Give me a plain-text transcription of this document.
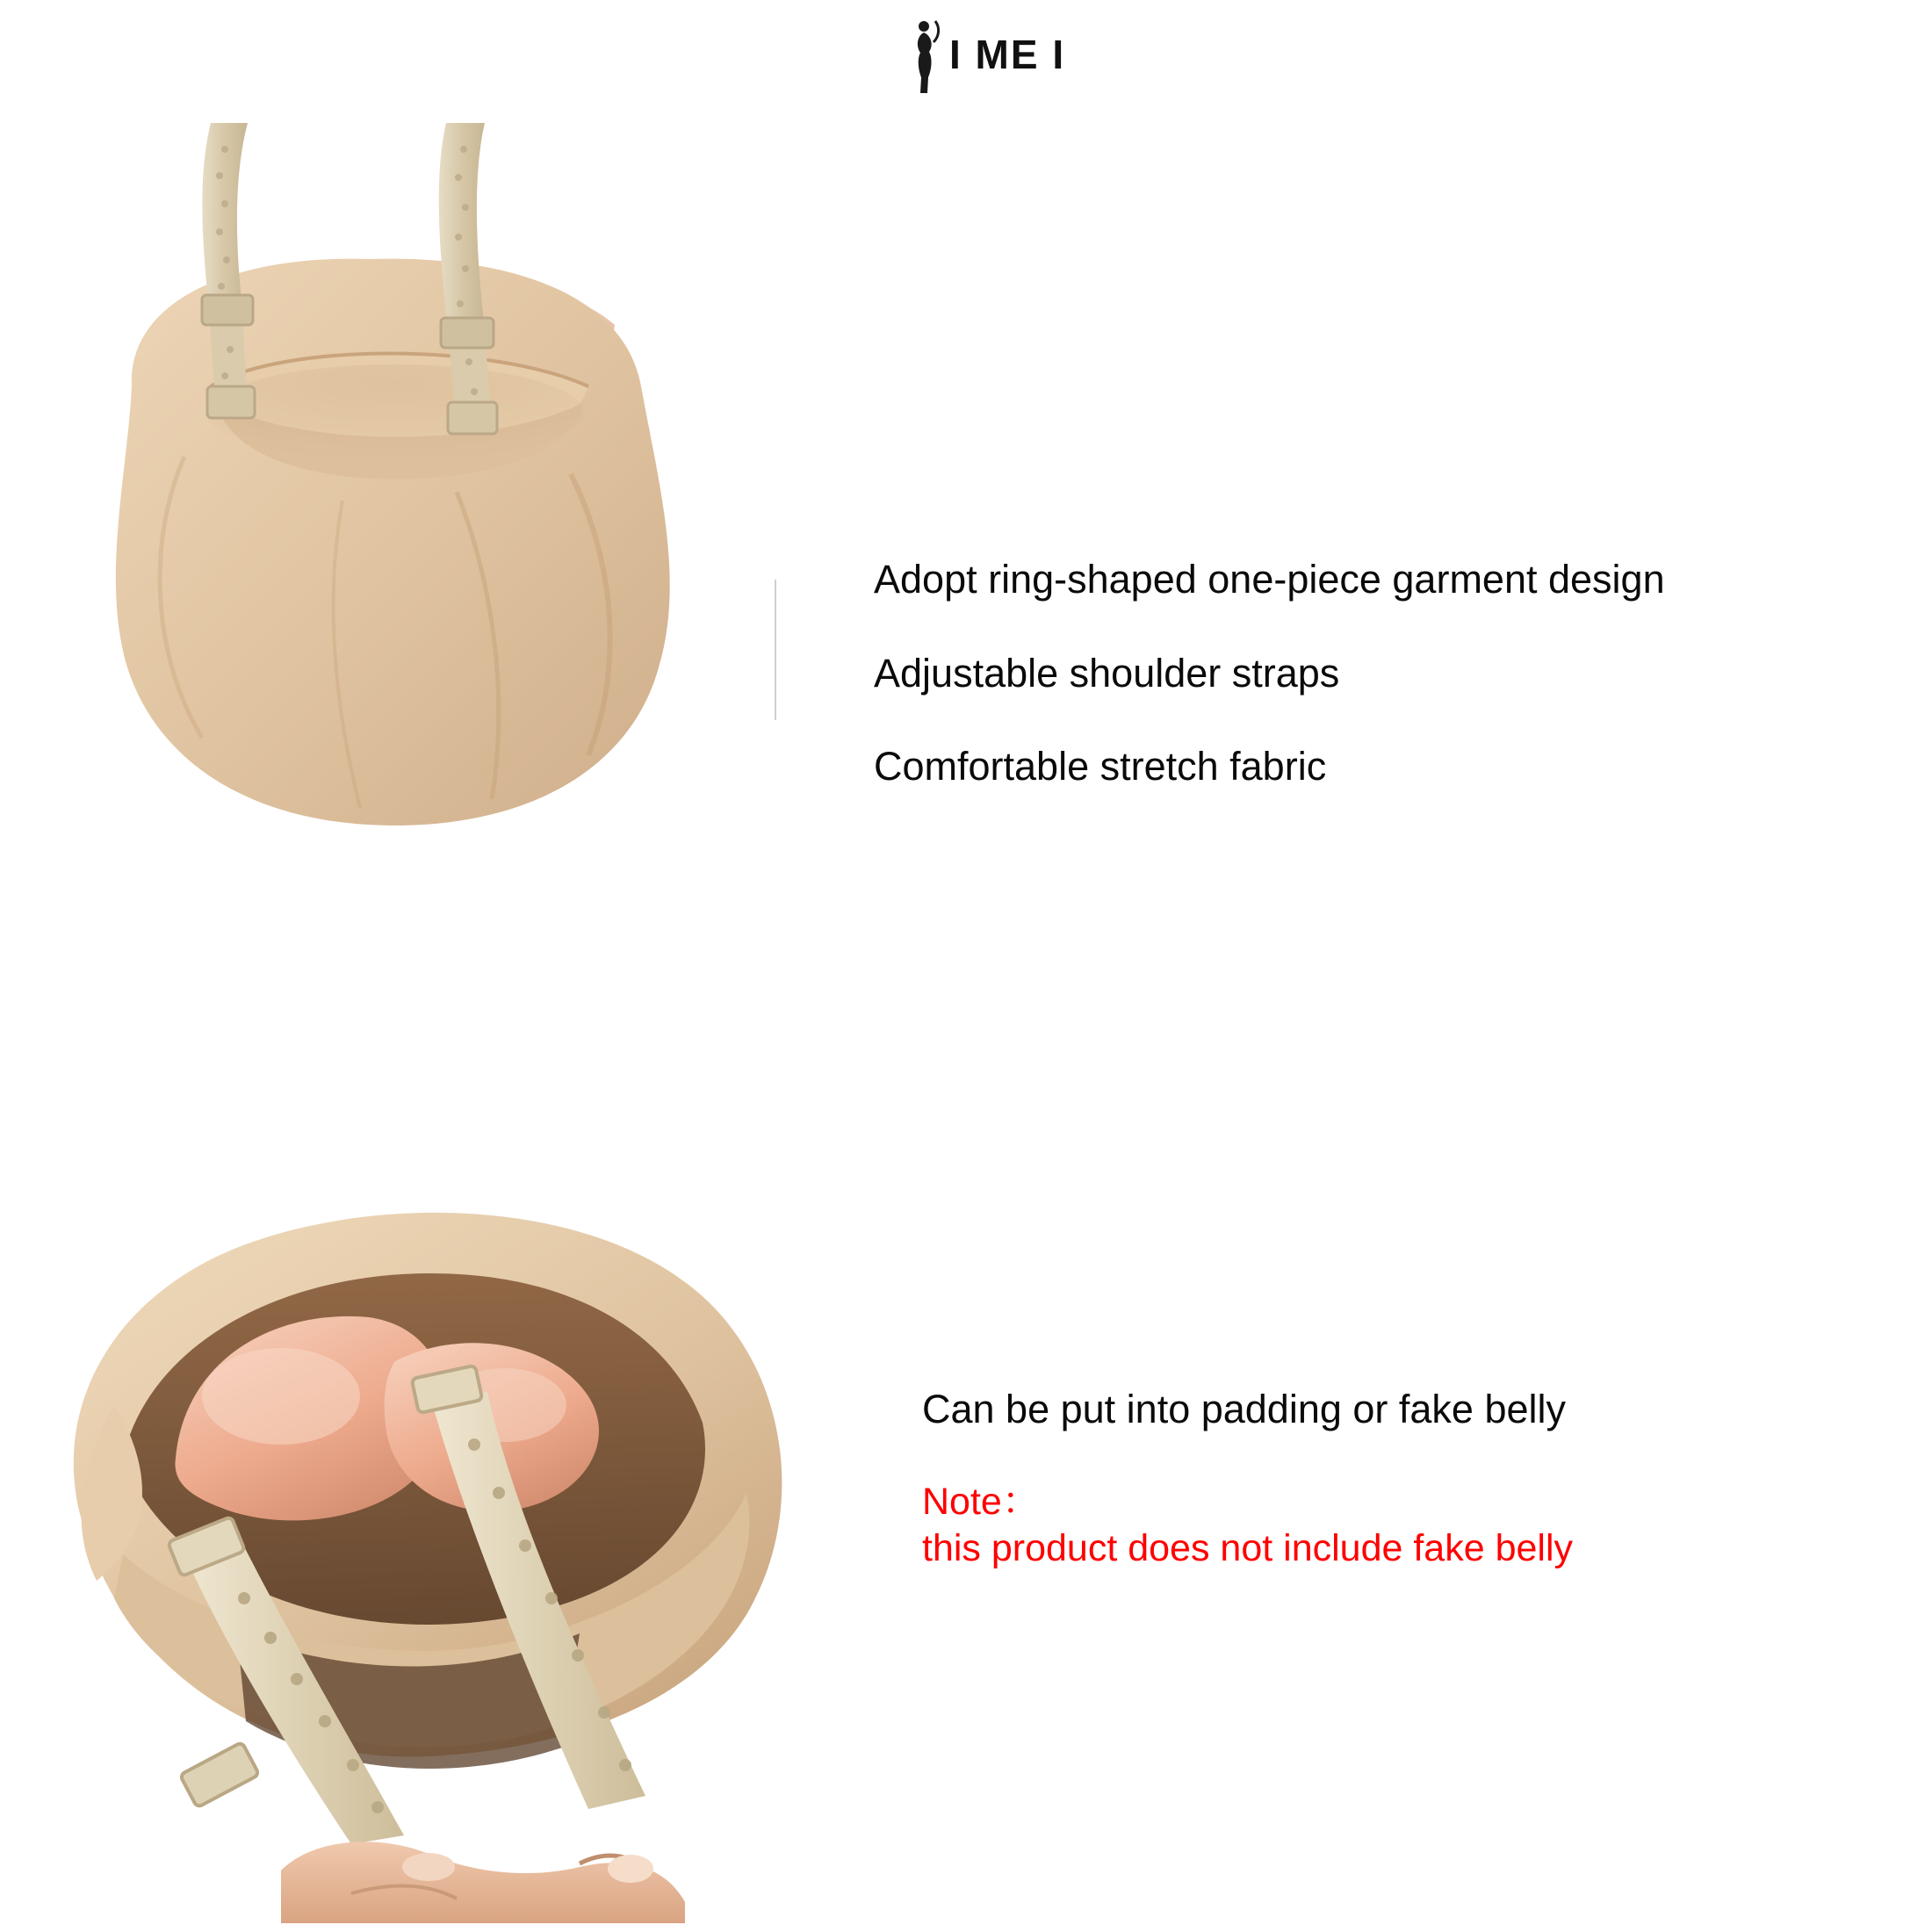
I ME I

Adopt ring-shaped one-piece garment design

Adjustable shoulder straps

Comfortable stretch fabric

Can be put into padding or fake belly

Note：

this product does not include fake belly
